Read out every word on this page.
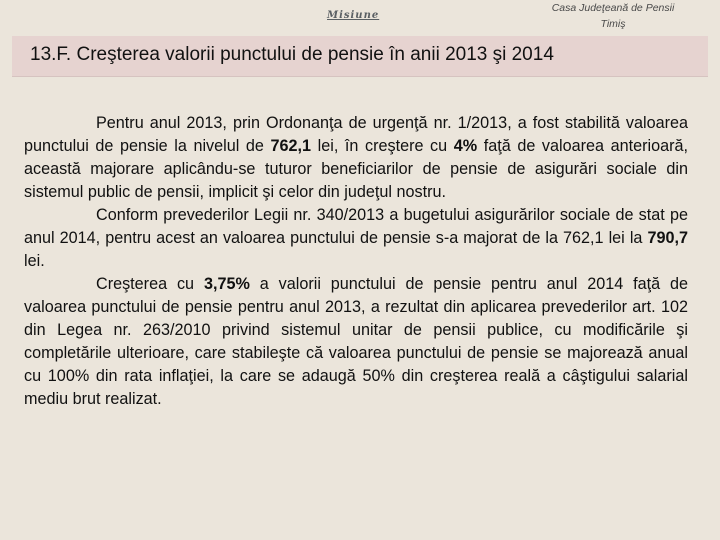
Misiune
Casa Judeţeană de Pensii
Timiş
13.F. Creşterea valorii punctului de pensie în anii 2013 şi 2014

Pentru anul 2013, prin Ordonanţa de urgenţă nr. 1/2013, a fost stabilită valoarea punctului de pensie la nivelul de 762,1 lei, în creştere cu 4% faţă de valoarea anterioară, această majorare aplicându-se tuturor beneficiarilor de pensie de asigurări sociale din sistemul public de pensii, implicit şi celor din judeţul nostru.

Conform prevederilor Legii nr. 340/2013 a bugetului asigurărilor sociale de stat pe anul 2014, pentru acest an valoarea punctului de pensie s-a majorat de la 762,1 lei la 790,7 lei.

Creşterea cu 3,75% a valorii punctului de pensie pentru anul 2014 faţă de valoarea punctului de pensie pentru anul 2013, a rezultat din aplicarea prevederilor art. 102 din Legea nr. 263/2010 privind sistemul unitar de pensii publice, cu modificările şi completările ulterioare, care stabileşte că valoarea punctului de pensie se majorează anual cu 100% din rata inflaţiei, la care se adaugă 50% din creşterea reală a câştigului salarial mediu brut realizat.
